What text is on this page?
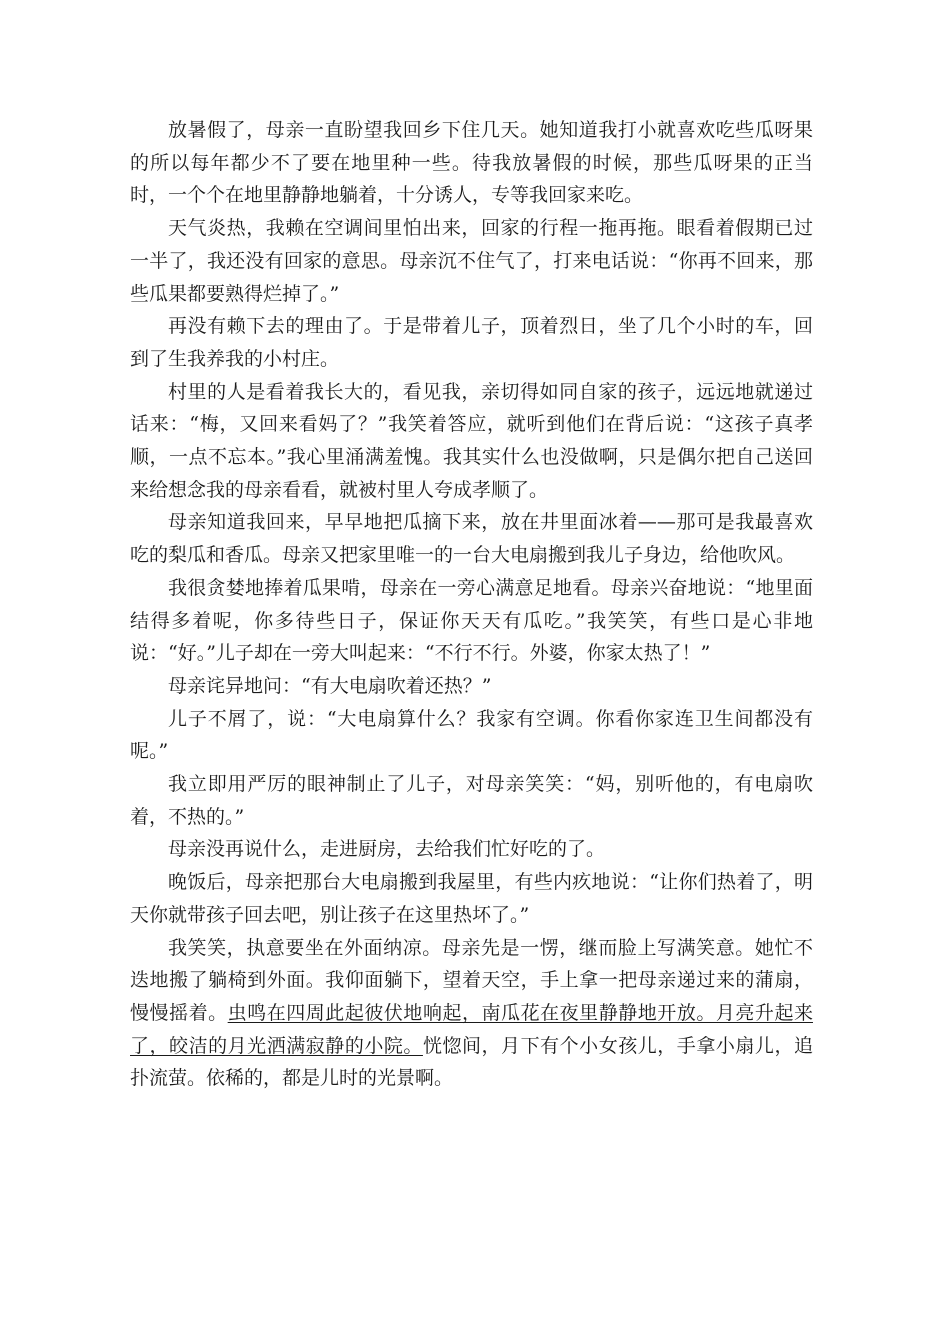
放暑假了，母亲一直盼望我回乡下住几天。她知道我打小就喜欢吃些瓜呀果的所以每年都少不了要在地里种一些。待我放暑假的时候，那些瓜呀果的正当时，一个个在地里静静地躺着，十分诱人，专等我回家来吃。

天气炎热，我赖在空调间里怕出来，回家的行程一拖再拖。眼看着假期已过一半了，我还没有回家的意思。母亲沉不住气了，打来电话说：“你再不回来，那些瓜果都要熟得烂掉了。”

再没有赖下去的理由了。于是带着儿子，顶着烈日，坐了几个小时的车，回到了生我养我的小村庄。

村里的人是看着我长大的，看见我，亲切得如同自家的孩子，远远地就递过话来：“梅，又回来看妈了？”我笑着答应，就听到他们在背后说：“这孩子真孝顺，一点不忘本。”我心里涌满羞愧。我其实什么也没做啊，只是偶尔把自己送回来给想念我的母亲看看，就被村里人夸成孝顺了。

母亲知道我回来，早早地把瓜摘下来，放在井里面冰着——那可是我最喜欢吃的梨瓜和香瓜。母亲又把家里唯一的一台大电扇搬到我儿子身边，给他吹风。

我很贪婪地捧着瓜果啃，母亲在一旁心满意足地看。母亲兴奋地说：“地里面结得多着呢，你多待些日子，保证你天天有瓜吃。”我笑笑，有些口是心非地说：“好。”儿子却在一旁大叫起来：“不行不行。外婆，你家太热了！”

母亲诧异地问：“有大电扇吹着还热？”

儿子不屑了，说：“大电扇算什么？我家有空调。你看你家连卫生间都没有呢。”

我立即用严厉的眼神制止了儿子，对母亲笑笑：“妈，别听他的，有电扇吹着，不热的。”

母亲没再说什么，走进厨房，去给我们忙好吃的了。

晚饭后，母亲把那台大电扇搬到我屋里，有些内疚地说：“让你们热着了，明天你就带孩子回去吧，别让孩子在这里热坏了。”

我笑笑，执意要坐在外面纳凉。母亲先是一愣，继而脸上写满笑意。她忙不迭地搬了躺椅到外面。我仰面躺下，望着天空，手上拿一把母亲递过来的蒲扇，慢慢摇着。虫鸣在四周此起彼伏地响起，南瓜花在夜里静静地开放。月亮升起来了，皎洁的月光洒满寂静的小院。恍惚间，月下有个小女孩儿，手拿小扇儿，追扑流萤。依稀的，都是儿时的光景啊。
